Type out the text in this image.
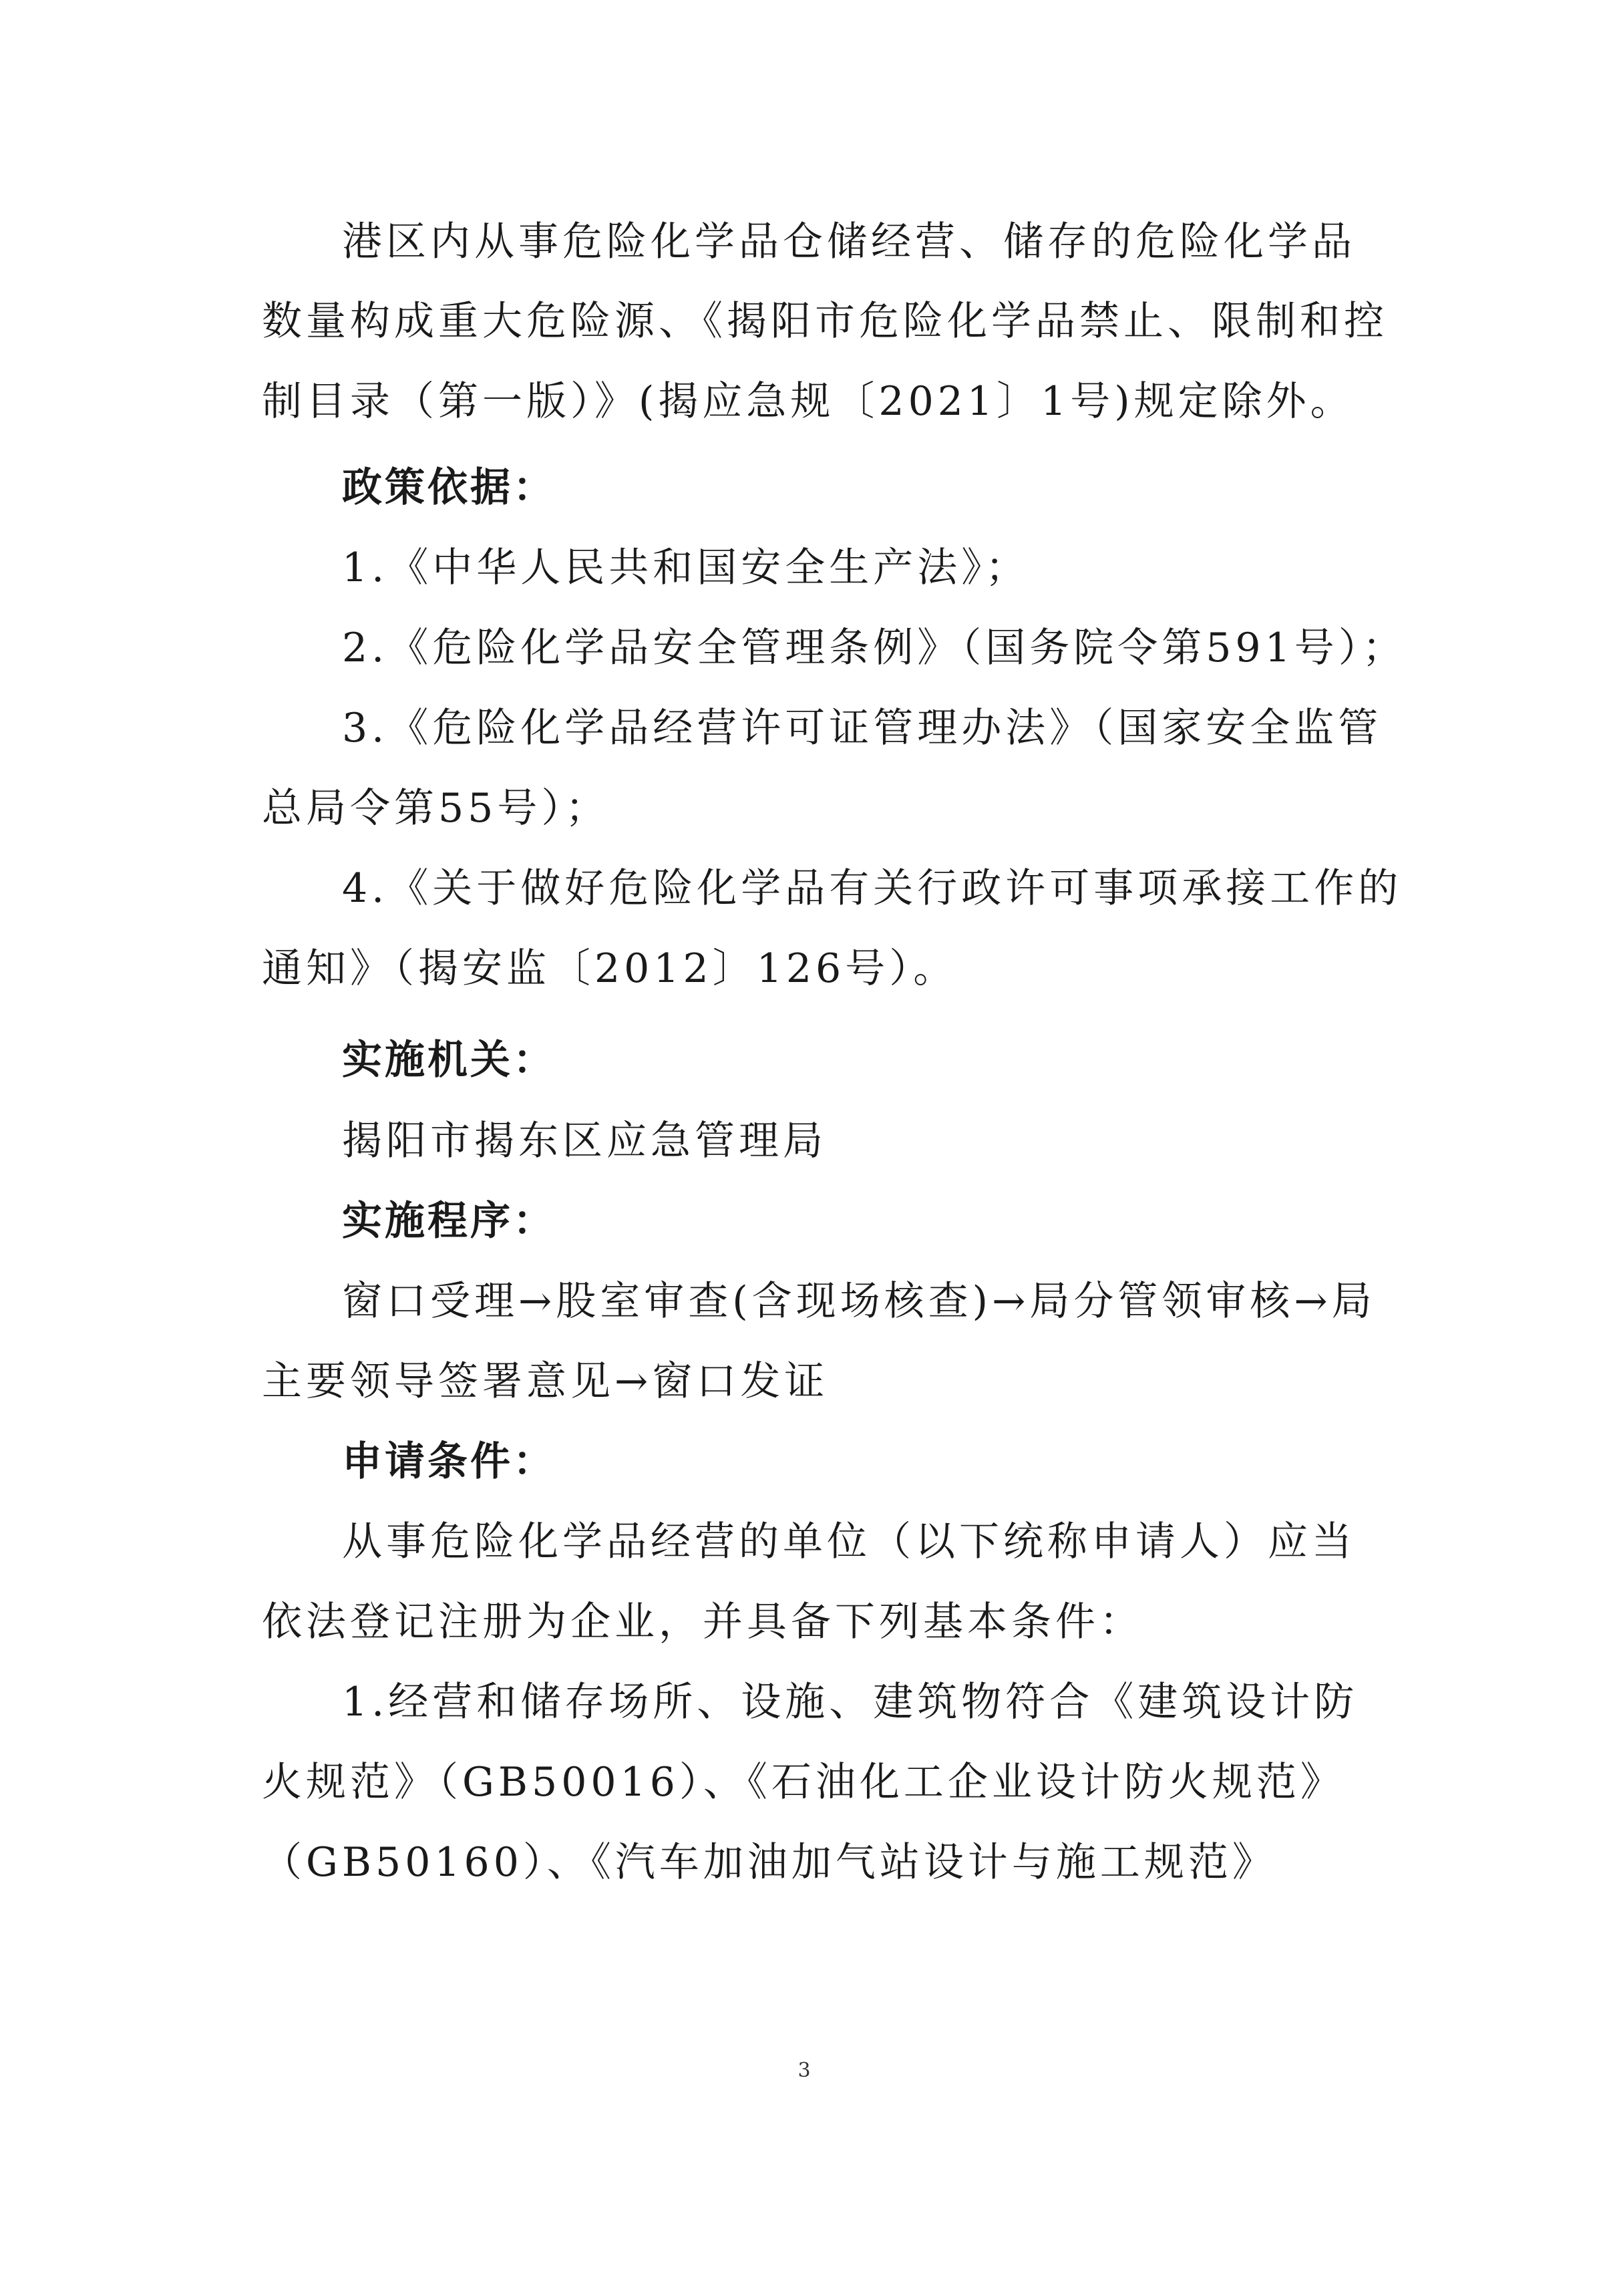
港区内从事危险化学品仓储经营、储存的危险化学品
数量构成重大危险源、《揭阳市危险化学品禁止、限制和控
制目录（第一版）》(揭应急规〔2021〕1号)规定除外。
政策依据：
1.《中华人民共和国安全生产法》；
2.《危险化学品安全管理条例》（国务院令第591号）；
3.《危险化学品经营许可证管理办法》（国家安全监管
总局令第55号）；
4.《关于做好危险化学品有关行政许可事项承接工作的
通知》（揭安监〔2012〕126号）。
实施机关：
揭阳市揭东区应急管理局
实施程序：
窗口受理→股室审查(含现场核查)→局分管领审核→局
主要领导签署意见→窗口发证
申请条件：
从事危险化学品经营的单位（以下统称申请人）应当
依法登记注册为企业，并具备下列基本条件：
1.经营和储存场所、设施、建筑物符合《建筑设计防
火规范》（GB50016）、《石油化工企业设计防火规范》
（GB50160）、《汽车加油加气站设计与施工规范》
3
